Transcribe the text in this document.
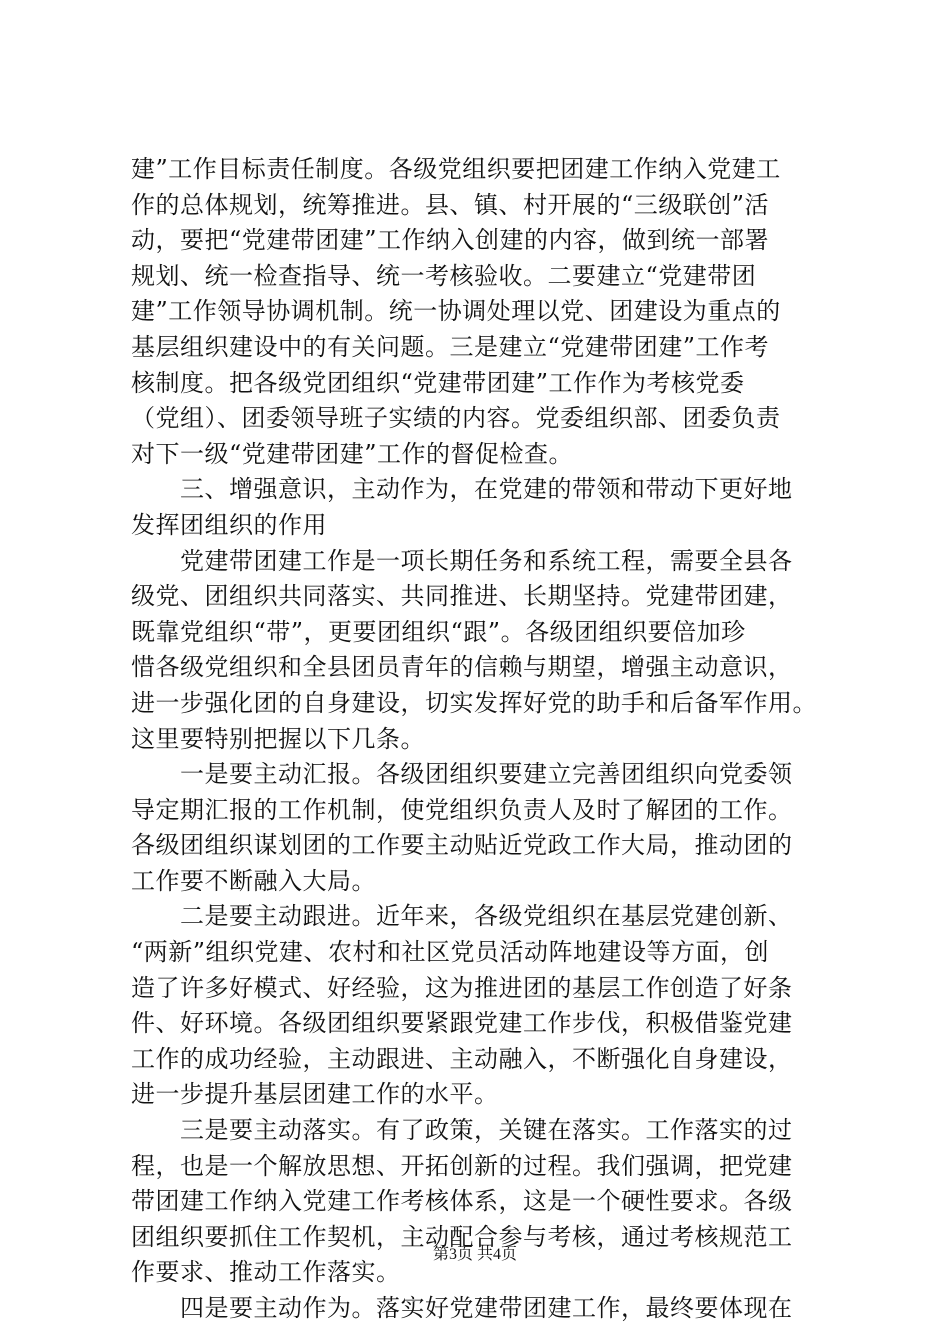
建”工作目标责任制度。各级党组织要把团建工作纳入党建工
作的总体规划，统筹推进。县、镇、村开展的“三级联创”活
动，要把“党建带团建”工作纳入创建的内容，做到统一部署
规划、统一检查指导、统一考核验收。二要建立“党建带团
建”工作领导协调机制。统一协调处理以党、团建设为重点的
基层组织建设中的有关问题。三是建立“党建带团建”工作考
核制度。把各级党团组织“党建带团建”工作作为考核党委
（党组）、团委领导班子实绩的内容。党委组织部、团委负责
对下一级“党建带团建”工作的督促检查。
　　三、增强意识，主动作为，在党建的带领和带动下更好地
发挥团组织的作用
　　党建带团建工作是一项长期任务和系统工程，需要全县各
级党、团组织共同落实、共同推进、长期坚持。党建带团建，
既靠党组织“带”，更要团组织“跟”。各级团组织要倍加珍
惜各级党组织和全县团员青年的信赖与期望，增强主动意识，
进一步强化团的自身建设，切实发挥好党的助手和后备军作用。
这里要特别把握以下几条。
　　一是要主动汇报。各级团组织要建立完善团组织向党委领
导定期汇报的工作机制，使党组织负责人及时了解团的工作。
各级团组织谋划团的工作要主动贴近党政工作大局，推动团的
工作要不断融入大局。
　　二是要主动跟进。近年来，各级党组织在基层党建创新、
“两新”组织党建、农村和社区党员活动阵地建设等方面，创
造了许多好模式、好经验，这为推进团的基层工作创造了好条
件、好环境。各级团组织要紧跟党建工作步伐，积极借鉴党建
工作的成功经验，主动跟进、主动融入，不断强化自身建设，
进一步提升基层团建工作的水平。
　　三是要主动落实。有了政策，关键在落实。工作落实的过
程，也是一个解放思想、开拓创新的过程。我们强调，把党建
带团建工作纳入党建工作考核体系，这是一个硬性要求。各级
团组织要抓住工作契机，主动配合参与考核，通过考核规范工
作要求、推动工作落实。
　　四是要主动作为。落实好党建带团建工作，最终要体现在
第3页 共4页
